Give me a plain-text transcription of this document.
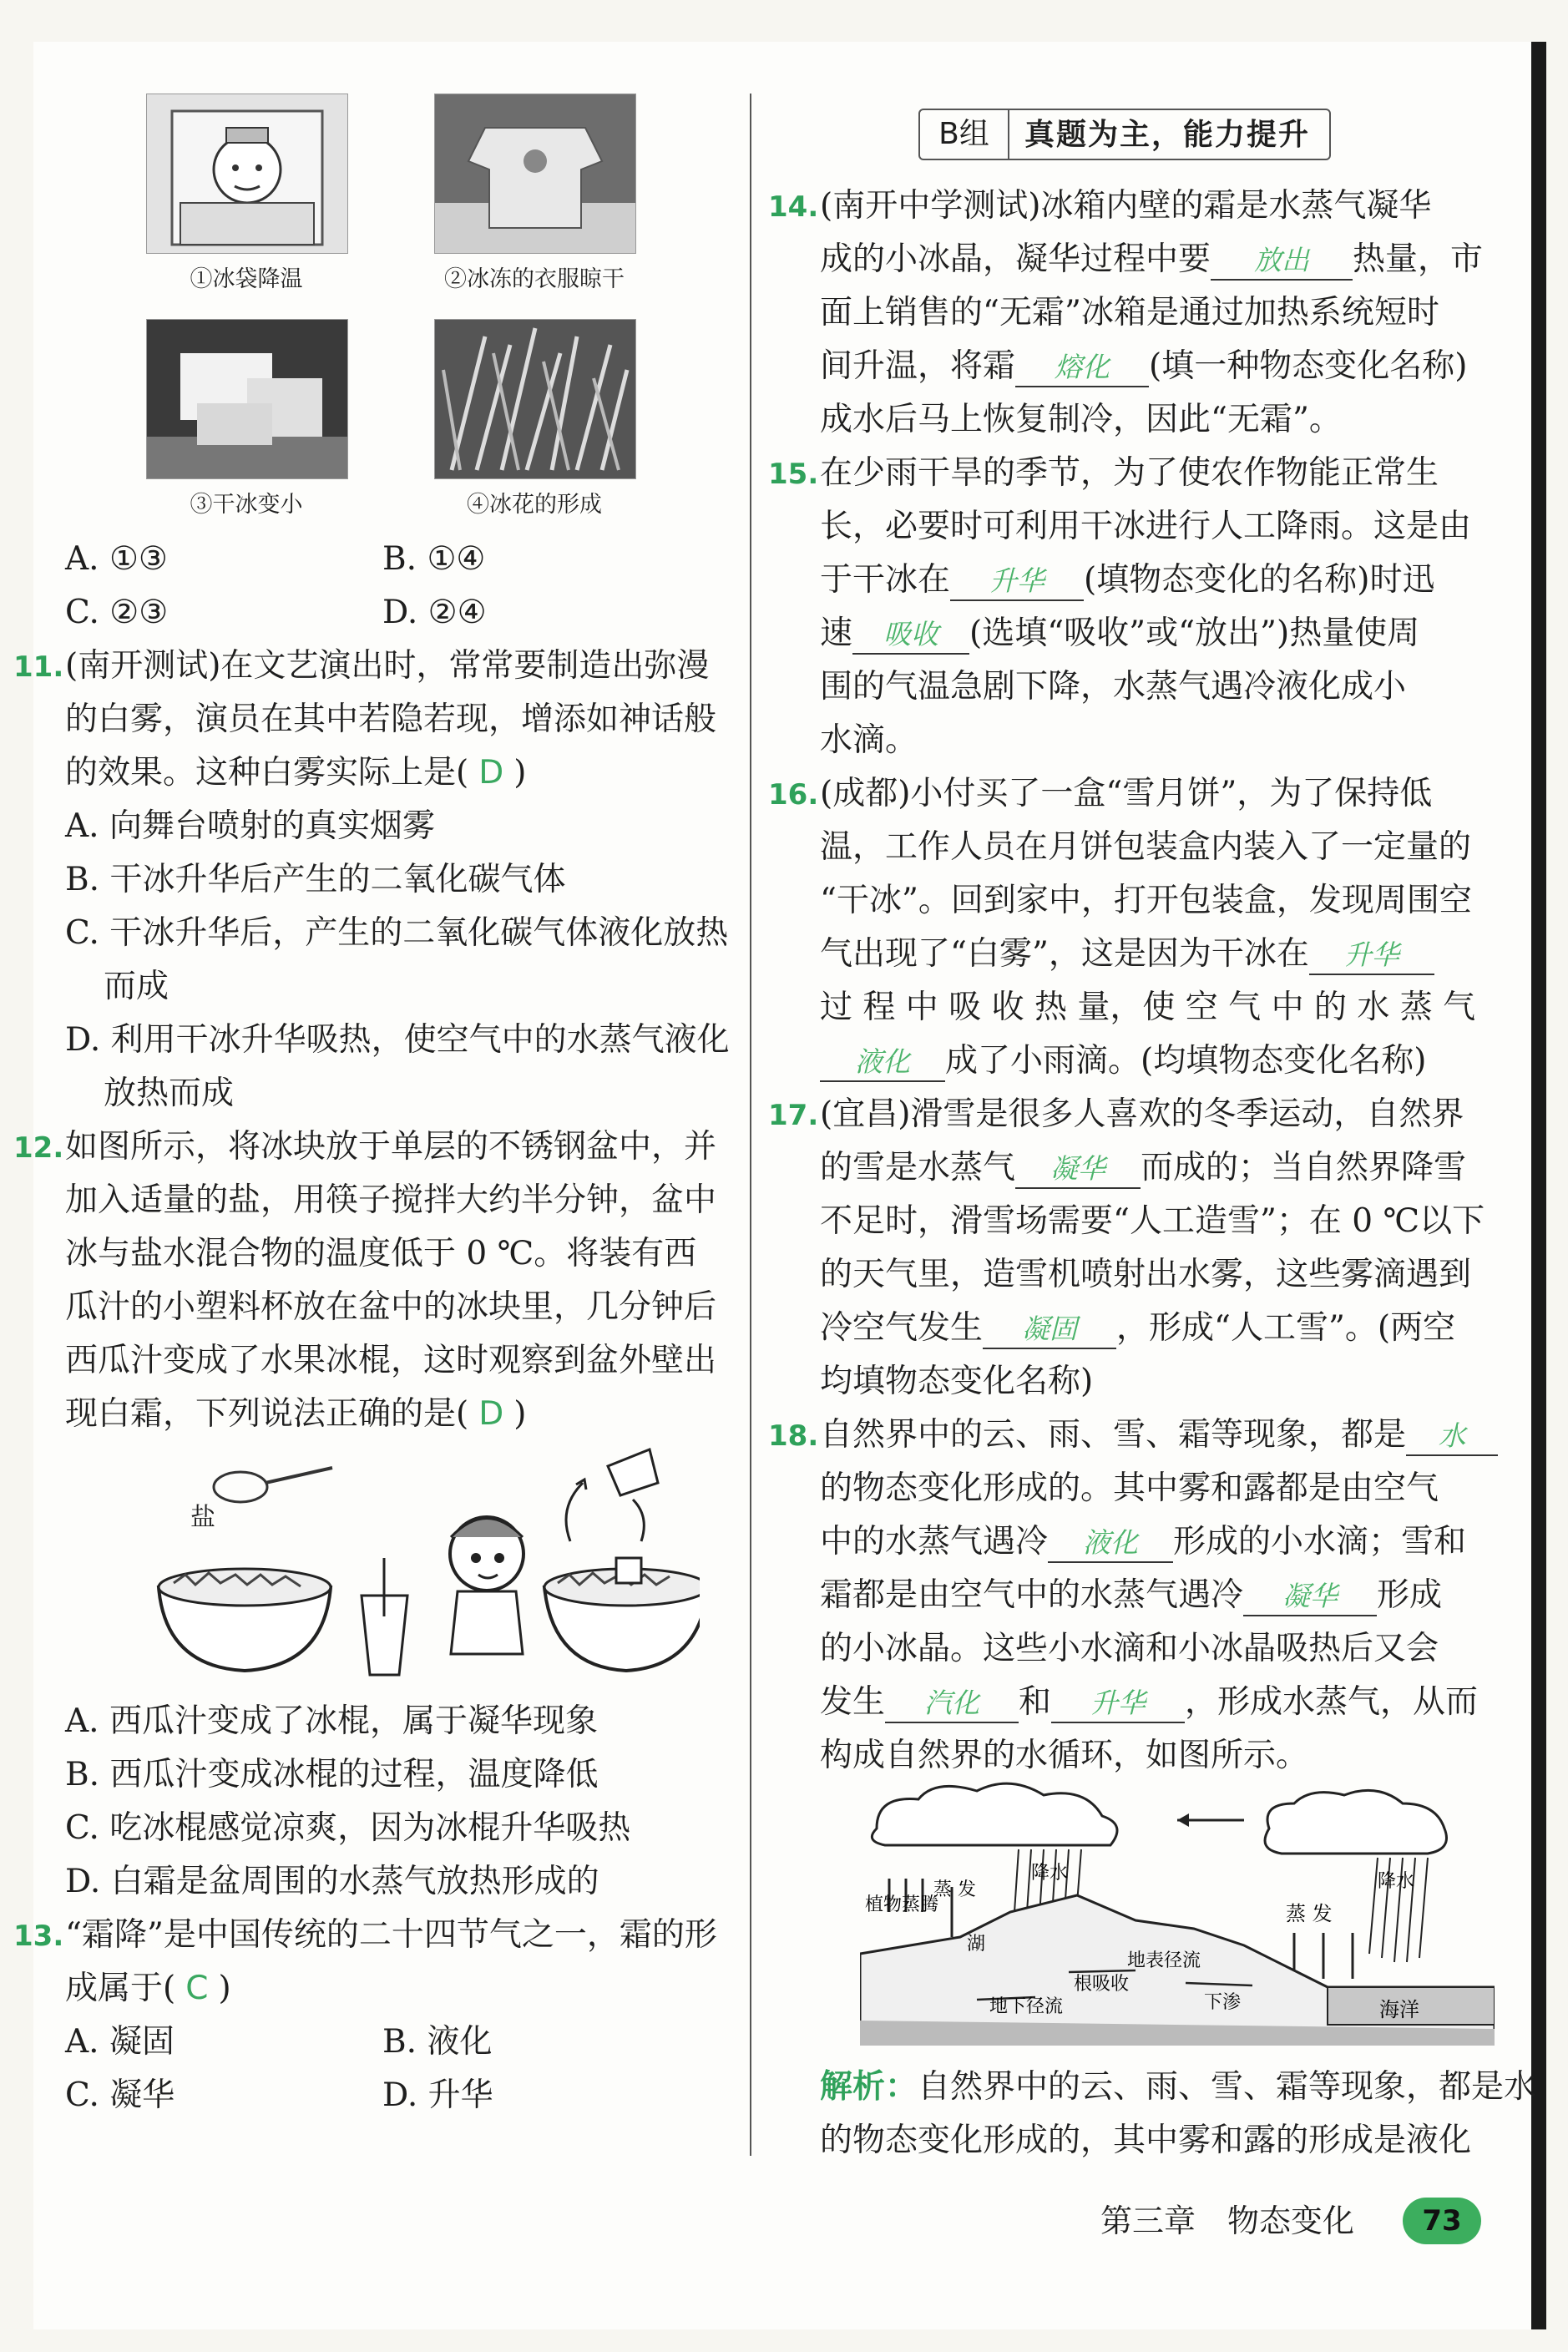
①冰袋降温	②冰冻的衣服晾干
③干冰变小	④冰花的形成
A. ①③	B. ①④
C. ②③	D. ②④
11.(南开测试)在文艺演出时，常常要制造出弥漫
的白雾，演员在其中若隐若现，增添如神话般
的效果。这种白雾实际上是( D )
A. 向舞台喷射的真实烟雾
B. 干冰升华后产生的二氧化碳气体
C. 干冰升华后，产生的二氧化碳气体液化放热
而成
D. 利用干冰升华吸热，使空气中的水蒸气液化
放热而成
12.如图所示，将冰块放于单层的不锈钢盆中，并
加入适量的盐，用筷子搅拌大约半分钟，盆中
冰与盐水混合物的温度低于 0 ℃。将装有西
瓜汁的小塑料杯放在盆中的冰块里，几分钟后
西瓜汁变成了水果冰棍，这时观察到盆外壁出
现白霜，下列说法正确的是( D )
盐
A. 西瓜汁变成了冰棍，属于凝华现象
B. 西瓜汁变成冰棍的过程，温度降低
C. 吃冰棍感觉凉爽，因为冰棍升华吸热
D. 白霜是盆周围的水蒸气放热形成的
13.“霜降”是中国传统的二十四节气之一，霜的形
成属于( C )
A. 凝固	B. 液化
C. 凝华	D. 升华
B组	真题为主，能力提升
14.(南开中学测试)冰箱内壁的霜是水蒸气凝华
成的小冰晶，凝华过程中要 放出 热量，市
面上销售的“无霜”冰箱是通过加热系统短时
间升温，将霜 熔化 (填一种物态变化名称)
成水后马上恢复制冷，因此“无霜”。
15.在少雨干旱的季节，为了使农作物能正常生
长，必要时可利用干冰进行人工降雨。这是由
于干冰在 升华 (填物态变化的名称)时迅
速 吸收 (选填“吸收”或“放出”)热量使周
围的气温急剧下降，水蒸气遇冷液化成小
水滴。
16.(成都)小付买了一盒“雪月饼”，为了保持低
温，工作人员在月饼包装盒内装入了一定量的
“干冰”。回到家中，打开包装盒，发现周围空
气出现了“白雾”，这是因为干冰在 升华
过 程 中 吸 收 热 量，使 空 气 中 的 水 蒸 气
液化 成了小雨滴。(均填物态变化名称)
17.(宜昌)滑雪是很多人喜欢的冬季运动，自然界
的雪是水蒸气 凝华 而成的；当自然界降雪
不足时，滑雪场需要“人工造雪”；在 0 ℃以下
的天气里，造雪机喷射出水雾，这些雾滴遇到
冷空气发生 凝固 ，形成“人工雪”。(两空
均填物态变化名称)
18.自然界中的云、雨、雪、霜等现象，都是 水
的物态变化形成的。其中雾和露都是由空气
中的水蒸气遇冷 液化 形成的小水滴；雪和
霜都是由空气中的水蒸气遇冷 凝华 形成
的小冰晶。这些小水滴和小冰晶吸热后又会
发生 汽化 和 升华 ，形成水蒸气，从而
构成自然界的水循环，如图所示。
蒸 发
降水
植物蒸腾
湖
地表径流
根吸收
地下径流	下渗
蒸 发
降水
海洋
解析：自然界中的云、雨、雪、霜等现象，都是水
的物态变化形成的，其中雾和露的形成是液化
第三章　物态变化	73
